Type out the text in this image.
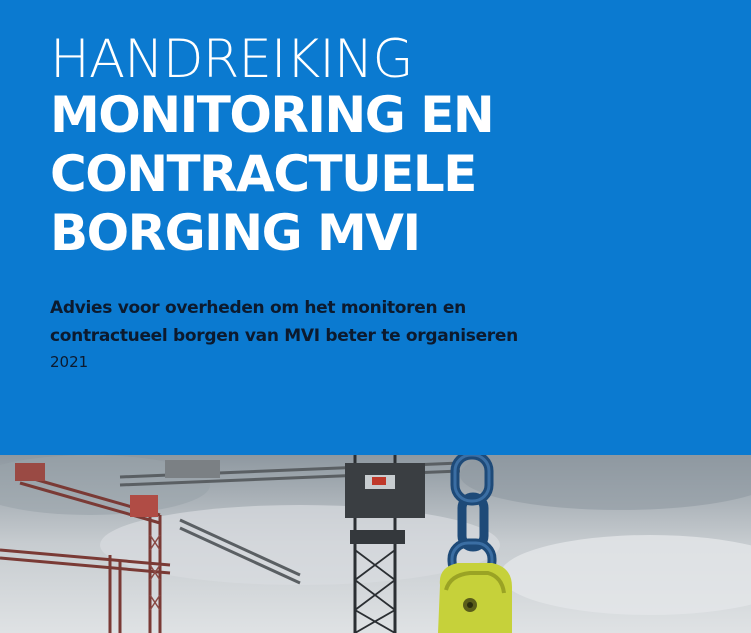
HANDREIKING
MONITORING EN
CONTRACTUELE
BORGING MVI

Advies voor overheden om het monitoren en
contractueel borgen van MVI beter te organiseren

2021
